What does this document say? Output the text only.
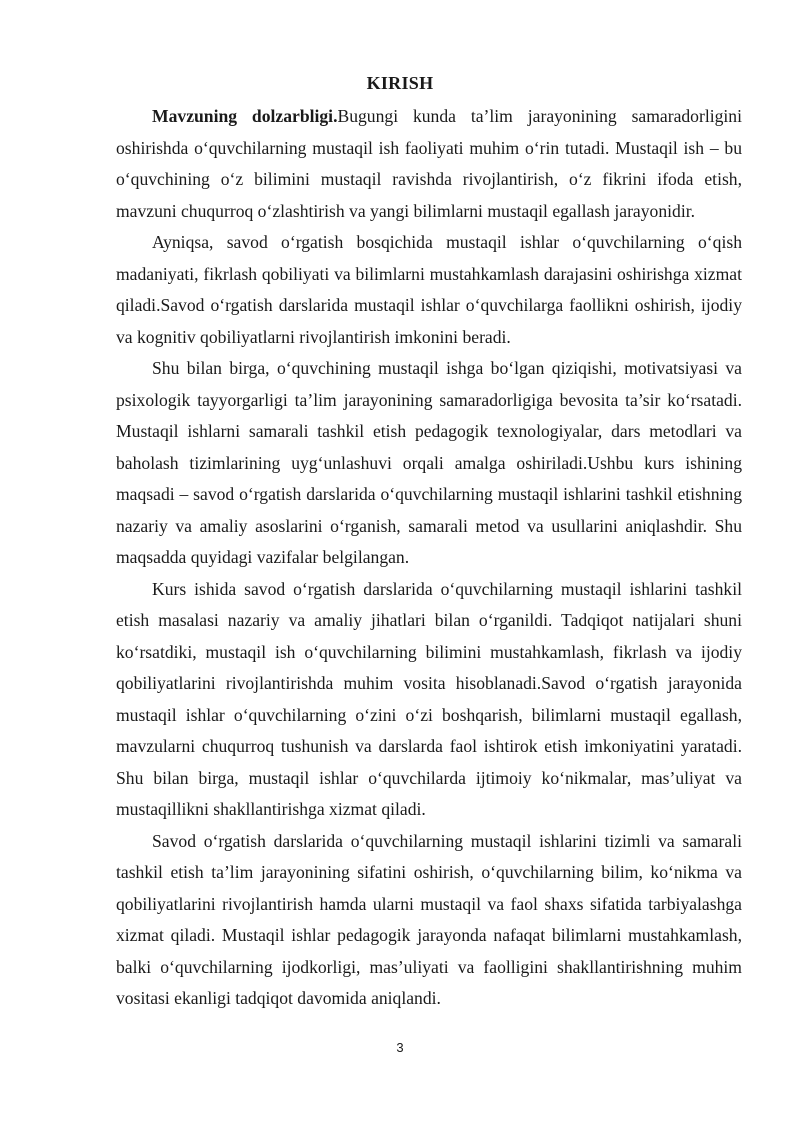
KIRISH

Mavzuning dolzarbligi.Bugungi kunda ta’lim jarayonining samaradorligini oshirishda o‘quvchilarning mustaqil ish faoliyati muhim o‘rin tutadi. Mustaqil ish – bu o‘quvchining o‘z bilimini mustaqil ravishda rivojlantirish, o‘z fikrini ifoda etish, mavzuni chuqurroq o‘zlashtirish va yangi bilimlarni mustaqil egallash jarayonidir.

Ayniqsa, savod o‘rgatish bosqichida mustaqil ishlar o‘quvchilarning o‘qish madaniyati, fikrlash qobiliyati va bilimlarni mustahkamlash darajasini oshirishga xizmat qiladi.Savod o‘rgatish darslarida mustaqil ishlar o‘quvchilarga faollikni oshirish, ijodiy va kognitiv qobiliyatlarni rivojlantirish imkonini beradi.

Shu bilan birga, o‘quvchining mustaqil ishga bo‘lgan qiziqishi, motivatsiyasi va psixologik tayyorgarligi ta’lim jarayonining samaradorligiga bevosita ta’sir ko‘rsatadi. Mustaqil ishlarni samarali tashkil etish pedagogik texnologiyalar, dars metodlari va baholash tizimlarining uyg‘unlashuvi orqali amalga oshiriladi.Ushbu kurs ishining maqsadi – savod o‘rgatish darslarida o‘quvchilarning mustaqil ishlarini tashkil etishning nazariy va amaliy asoslarini o‘rganish, samarali metod va usullarini aniqlashdir. Shu maqsadda quyidagi vazifalar belgilangan.

Kurs ishida savod o‘rgatish darslarida o‘quvchilarning mustaqil ishlarini tashkil etish masalasi nazariy va amaliy jihatlari bilan o‘rganildi. Tadqiqot natijalari shuni ko‘rsatdiki, mustaqil ish o‘quvchilarning bilimini mustahkamlash, fikrlash va ijodiy qobiliyatlarini rivojlantirishda muhim vosita hisoblanadi.Savod o‘rgatish jarayonida mustaqil ishlar o‘quvchilarning o‘zini o‘zi boshqarish, bilimlarni mustaqil egallash, mavzularni chuqurroq tushunish va darslarda faol ishtirok etish imkoniyatini yaratadi. Shu bilan birga, mustaqil ishlar o‘quvchilarda ijtimoiy ko‘nikmalar, mas’uliyat va mustaqillikni shakllantirishga xizmat qiladi.

Savod o‘rgatish darslarida o‘quvchilarning mustaqil ishlarini tizimli va samarali tashkil etish ta’lim jarayonining sifatini oshirish, o‘quvchilarning bilim, ko‘nikma va qobiliyatlarini rivojlantirish hamda ularni mustaqil va faol shaxs sifatida tarbiyalashga xizmat qiladi. Mustaqil ishlar pedagogik jarayonda nafaqat bilimlarni mustahkamlash, balki o‘quvchilarning ijodkorligi, mas’uliyati va faolligini shakllantirishning muhim vositasi ekanligi tadqiqot davomida aniqlandi.

3
